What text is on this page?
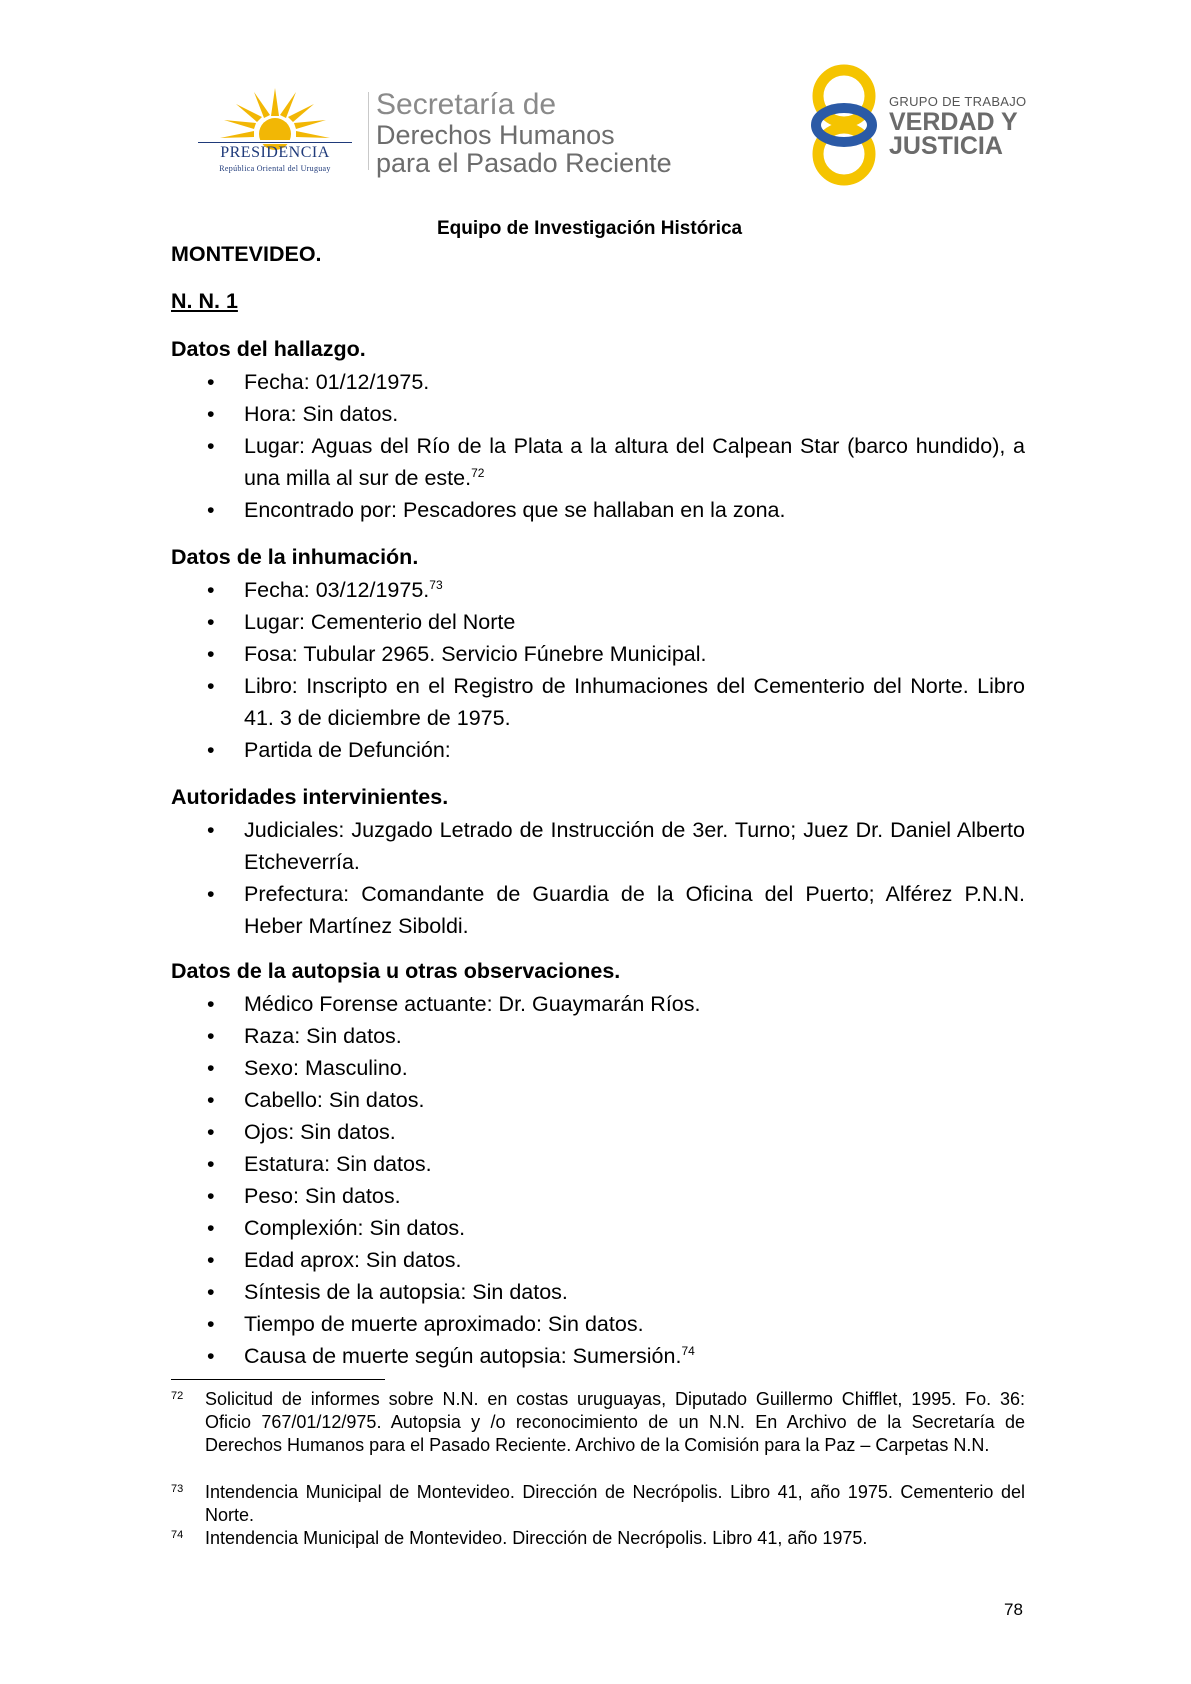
PRESIDENCIA
República Oriental del Uruguay
Secretaría de
Derechos Humanos
para el Pasado Reciente
GRUPO DE TRABAJO
VERDAD Y
JUSTICIA
Equipo de Investigación Histórica
MONTEVIDEO.
N. N. 1
Datos del hallazgo.
• Fecha: 01/12/1975.
• Hora: Sin datos.
• Lugar: Aguas del Río de la Plata a la altura del Calpean Star (barco hundido), a una milla al sur de este.$^{72}$
• Encontrado por: Pescadores que se hallaban en la zona.
Datos de la inhumación.
• Fecha: 03/12/1975.73
• Lugar: Cementerio del Norte
• Fosa: Tubular 2965. Servicio Fúnebre Municipal.
• Libro: Inscripto en el Registro de Inhumaciones del Cementerio del Norte. Libro 41. 3 de diciembre de 1975.
• Partida de Defunción:
Autoridades intervinientes.
• Judiciales: Juzgado Letrado de Instrucción de 3er. Turno; Juez Dr. Daniel Alberto Etcheverría.
• Prefectura: Comandante de Guardia de la Oficina del Puerto; Alférez P.N.N. Heber Martínez Siboldi.
Datos de la autopsia u otras observaciones.
• Médico Forense actuante: Dr. Guaymarán Ríos.
• Raza: Sin datos.
• Sexo: Masculino.
• Cabello: Sin datos.
• Ojos: Sin datos.
• Estatura: Sin datos.
• Peso: Sin datos.
• Complexión: Sin datos.
• Edad aprox: Sin datos.
• Síntesis de la autopsia: Sin datos.
• Tiempo de muerte aproximado: Sin datos.
• Causa de muerte según autopsia: Sumersión.$^{74}$
72 Solicitud de informes sobre N.N. en costas uruguayas, Diputado Guillermo Chifflet, 1995. Fo. 36: Oficio 767/01/12/975. Autopsia y /o reconocimiento de un N.N. En Archivo de la Secretaría de Derechos Humanos para el Pasado Reciente. Archivo de la Comisión para la Paz – Carpetas N.N.
73 Intendencia Municipal de Montevideo. Dirección de Necrópolis. Libro 41, año 1975. Cementerio del Norte.
74 Intendencia Municipal de Montevideo. Dirección de Necrópolis. Libro 41, año 1975.
78
